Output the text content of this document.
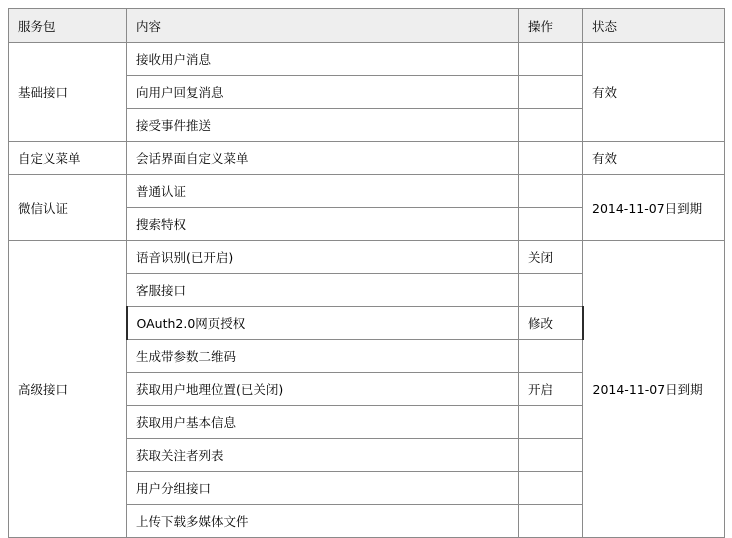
服务包	内容	操作	状态
基础接口	接收用户消息		有效
	向用户回复消息		
	接受事件推送		
自定义菜单	会话界面自定义菜单		有效
微信认证	普通认证		2014-11-07日到期
	搜索特权		
高级接口	语音识别(已开启)	关闭	2014-11-07日到期
	客服接口		
	OAuth2.0网页授权	修改	
	生成带参数二维码		
	获取用户地理位置(已关闭)	开启	
	获取用户基本信息		
	获取关注者列表		
	用户分组接口		
	上传下载多媒体文件		
